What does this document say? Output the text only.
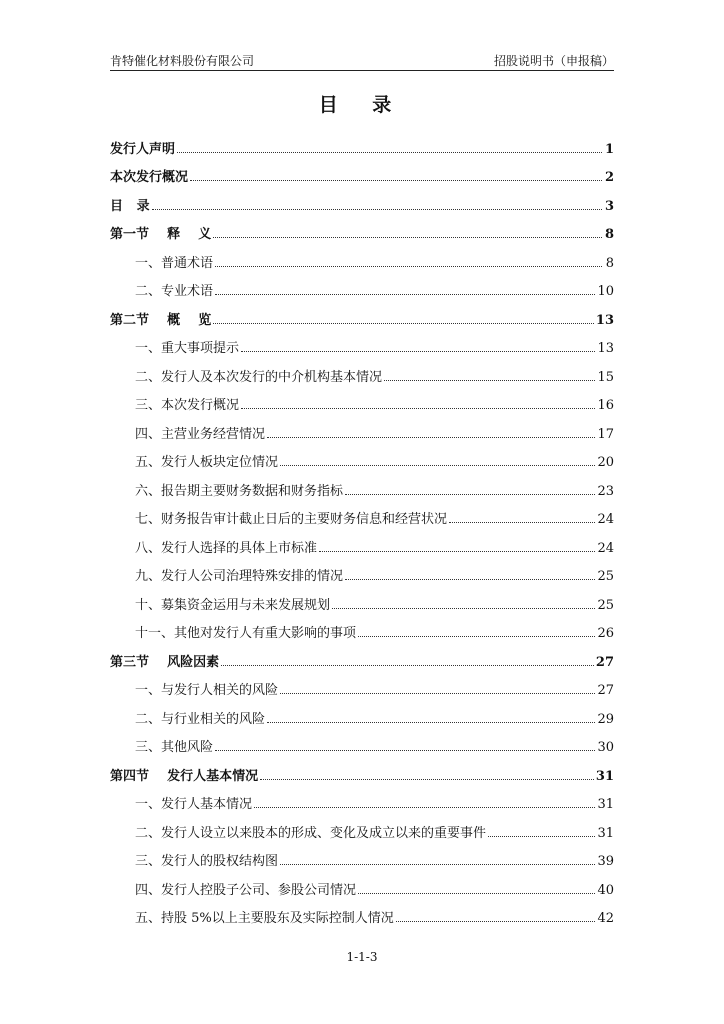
肯特催化材料股份有限公司	招股说明书（申报稿）
目 录
发行人声明	1
本次发行概况	2
目   录	3
第一节    释    义	8
一、普通术语	8
二、专业术语	10
第二节    概    览	13
一、重大事项提示	13
二、发行人及本次发行的中介机构基本情况	15
三、本次发行概况	16
四、主营业务经营情况	17
五、发行人板块定位情况	20
六、报告期主要财务数据和财务指标	23
七、财务报告审计截止日后的主要财务信息和经营状况	24
八、发行人选择的具体上市标准	24
九、发行人公司治理特殊安排的情况	25
十、募集资金运用与未来发展规划	25
十一、其他对发行人有重大影响的事项	26
第三节    风险因素	27
一、与发行人相关的风险	27
二、与行业相关的风险	29
三、其他风险	30
第四节    发行人基本情况	31
一、发行人基本情况	31
二、发行人设立以来股本的形成、变化及成立以来的重要事件	31
三、发行人的股权结构图	39
四、发行人控股子公司、参股公司情况	40
五、持股 5%以上主要股东及实际控制人情况	42
1-1-3
